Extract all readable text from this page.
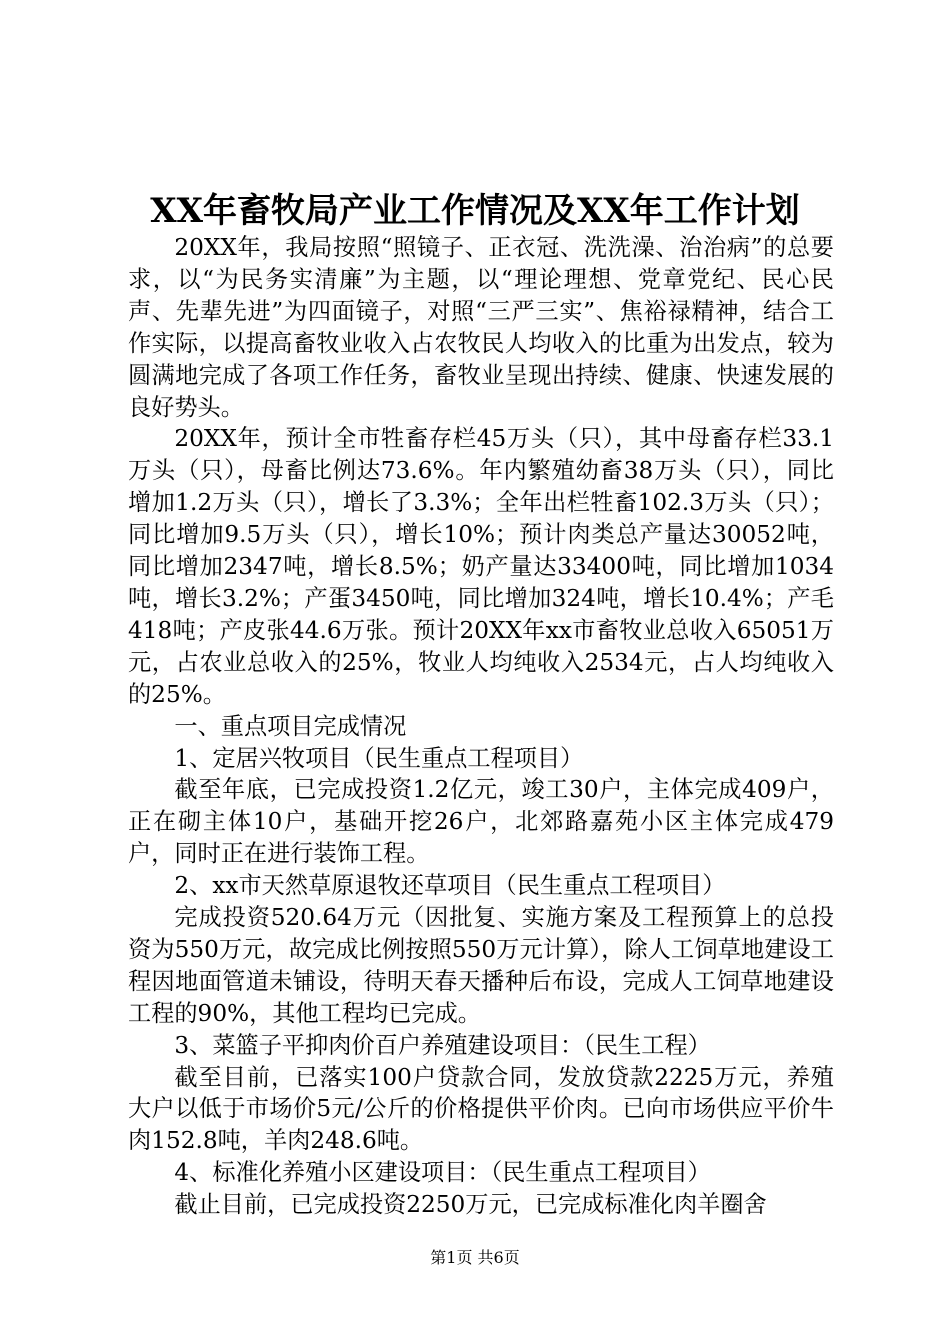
XX年畜牧局产业工作情况及XX年工作计划

20XX年，我局按照“照镜子、正衣冠、洗洗澡、治治病”的总要求，以“为民务实清廉”为主题，以“理论理想、党章党纪、民心民声、先辈先进”为四面镜子，对照“三严三实”、焦裕禄精神，结合工作实际，以提高畜牧业收入占农牧民人均收入的比重为出发点，较为圆满地完成了各项工作任务，畜牧业呈现出持续、健康、快速发展的良好势头。

20XX年，预计全市牲畜存栏45万头（只），其中母畜存栏33.1万头（只），母畜比例达73.6%。年内繁殖幼畜38万头（只），同比增加1.2万头（只），增长了3.3%；全年出栏牲畜102.3万头（只）；同比增加9.5万头（只），增长10%；预计肉类总产量达30052吨，同比增加2347吨，增长8.5%；奶产量达33400吨，同比增加1034吨，增长3.2%；产蛋3450吨，同比增加324吨，增长10.4%；产毛418吨；产皮张44.6万张。预计20XX年xx市畜牧业总收入65051万元，占农业总收入的25%，牧业人均纯收入2534元，占人均纯收入的25%。

一、重点项目完成情况

1、定居兴牧项目（民生重点工程项目）

截至年底，已完成投资1.2亿元，竣工30户，主体完成409户，正在砌主体10户，基础开挖26户，北郊路嘉苑小区主体完成479户，同时正在进行装饰工程。

2、xx市天然草原退牧还草项目（民生重点工程项目）

完成投资520.64万元（因批复、实施方案及工程预算上的总投资为550万元，故完成比例按照550万元计算），除人工饲草地建设工程因地面管道未铺设，待明天春天播种后布设，完成人工饲草地建设工程的90%，其他工程均已完成。

3、菜篮子平抑肉价百户养殖建设项目：（民生工程）

截至目前，已落实100户贷款合同，发放贷款2225万元，养殖大户以低于市场价5元/公斤的价格提供平价肉。已向市场供应平价牛肉152.8吨，羊肉248.6吨。

4、标准化养殖小区建设项目：（民生重点工程项目）

截止目前，已完成投资2250万元，已完成标准化肉羊圈舍

第1页 共6页
